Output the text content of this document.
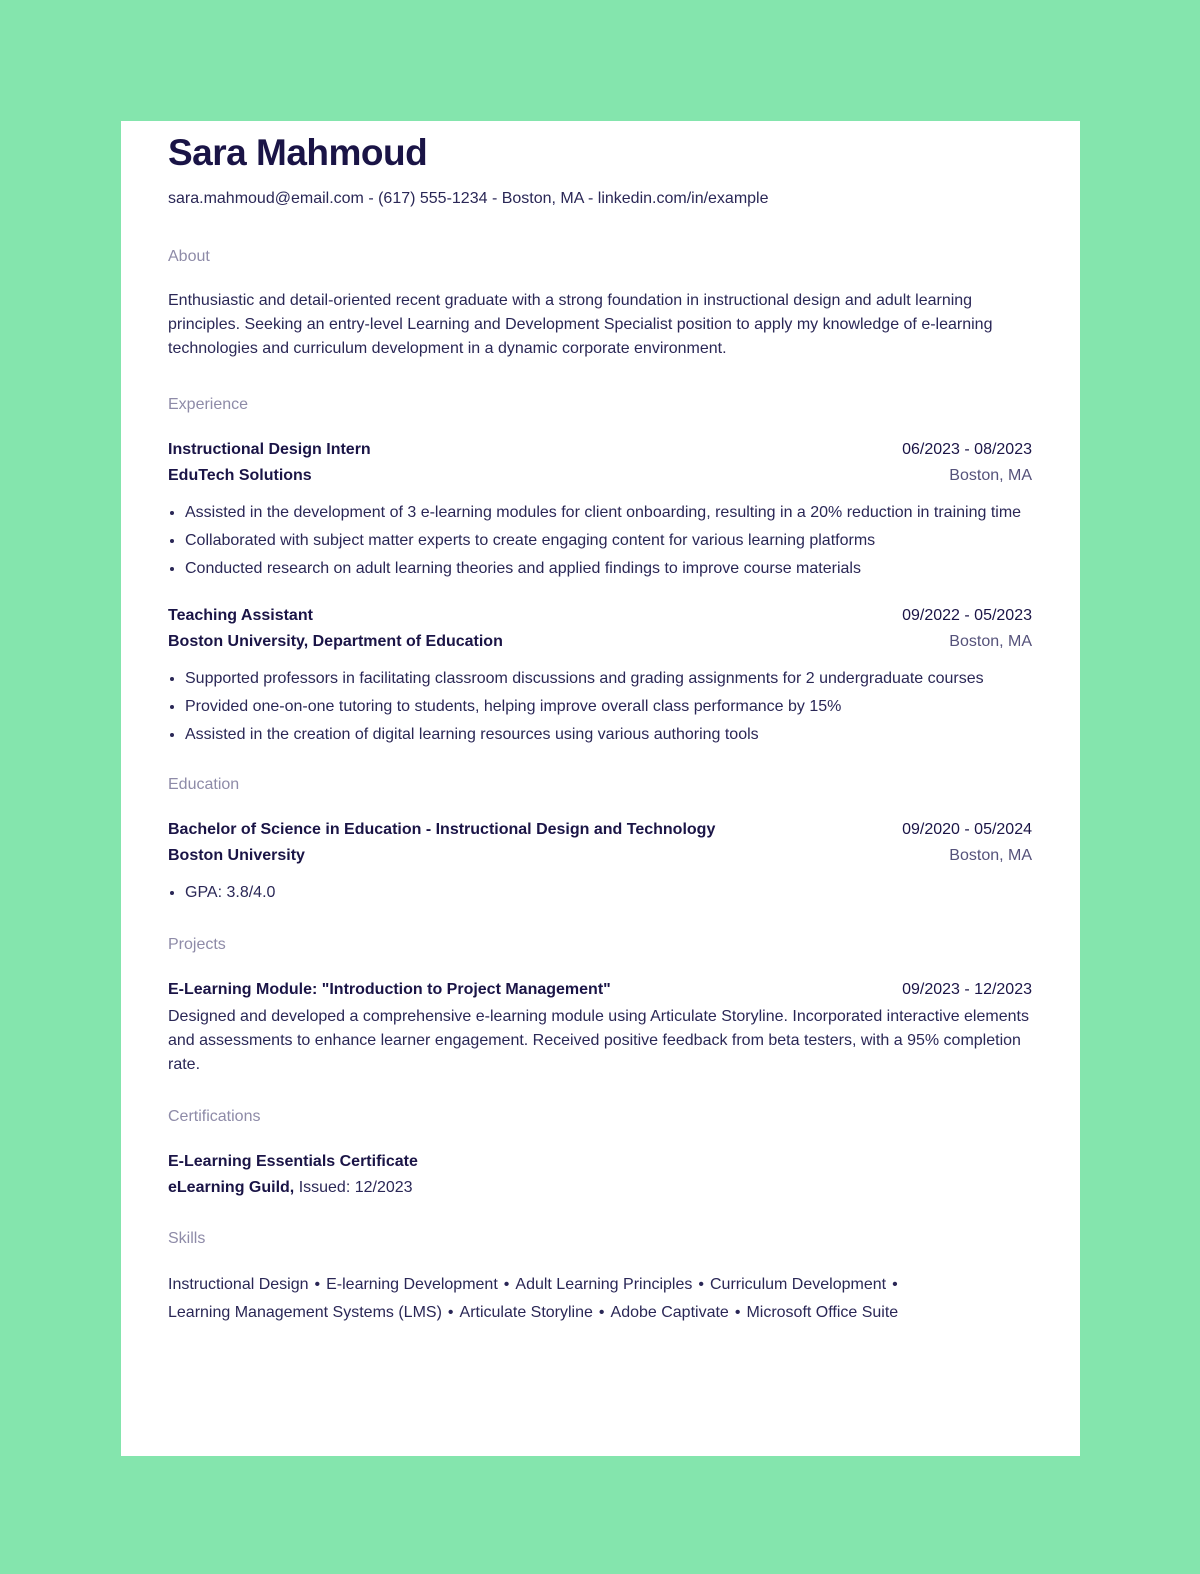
Sara Mahmoud
sara.mahmoud@email.com - (617) 555-1234 - Boston, MA - linkedin.com/in/example
About
Enthusiastic and detail-oriented recent graduate with a strong foundation in instructional design and adult learning principles. Seeking an entry-level Learning and Development Specialist position to apply my knowledge of e-learning technologies and curriculum development in a dynamic corporate environment.
Experience
Instructional Design Intern	06/2023 - 08/2023
EduTech Solutions	Boston, MA
• Assisted in the development of 3 e-learning modules for client onboarding, resulting in a 20% reduction in training time
• Collaborated with subject matter experts to create engaging content for various learning platforms
• Conducted research on adult learning theories and applied findings to improve course materials
Teaching Assistant	09/2022 - 05/2023
Boston University, Department of Education	Boston, MA
• Supported professors in facilitating classroom discussions and grading assignments for 2 undergraduate courses
• Provided one-on-one tutoring to students, helping improve overall class performance by 15%
• Assisted in the creation of digital learning resources using various authoring tools
Education
Bachelor of Science in Education - Instructional Design and Technology	09/2020 - 05/2024
Boston University	Boston, MA
• GPA: 3.8/4.0
Projects
E-Learning Module: "Introduction to Project Management"	09/2023 - 12/2023
Designed and developed a comprehensive e-learning module using Articulate Storyline. Incorporated interactive elements and assessments to enhance learner engagement. Received positive feedback from beta testers, with a 95% completion rate.
Certifications
E-Learning Essentials Certificate
eLearning Guild, Issued: 12/2023
Skills
Instructional Design • E-learning Development • Adult Learning Principles • Curriculum Development •
Learning Management Systems (LMS) • Articulate Storyline • Adobe Captivate • Microsoft Office Suite
